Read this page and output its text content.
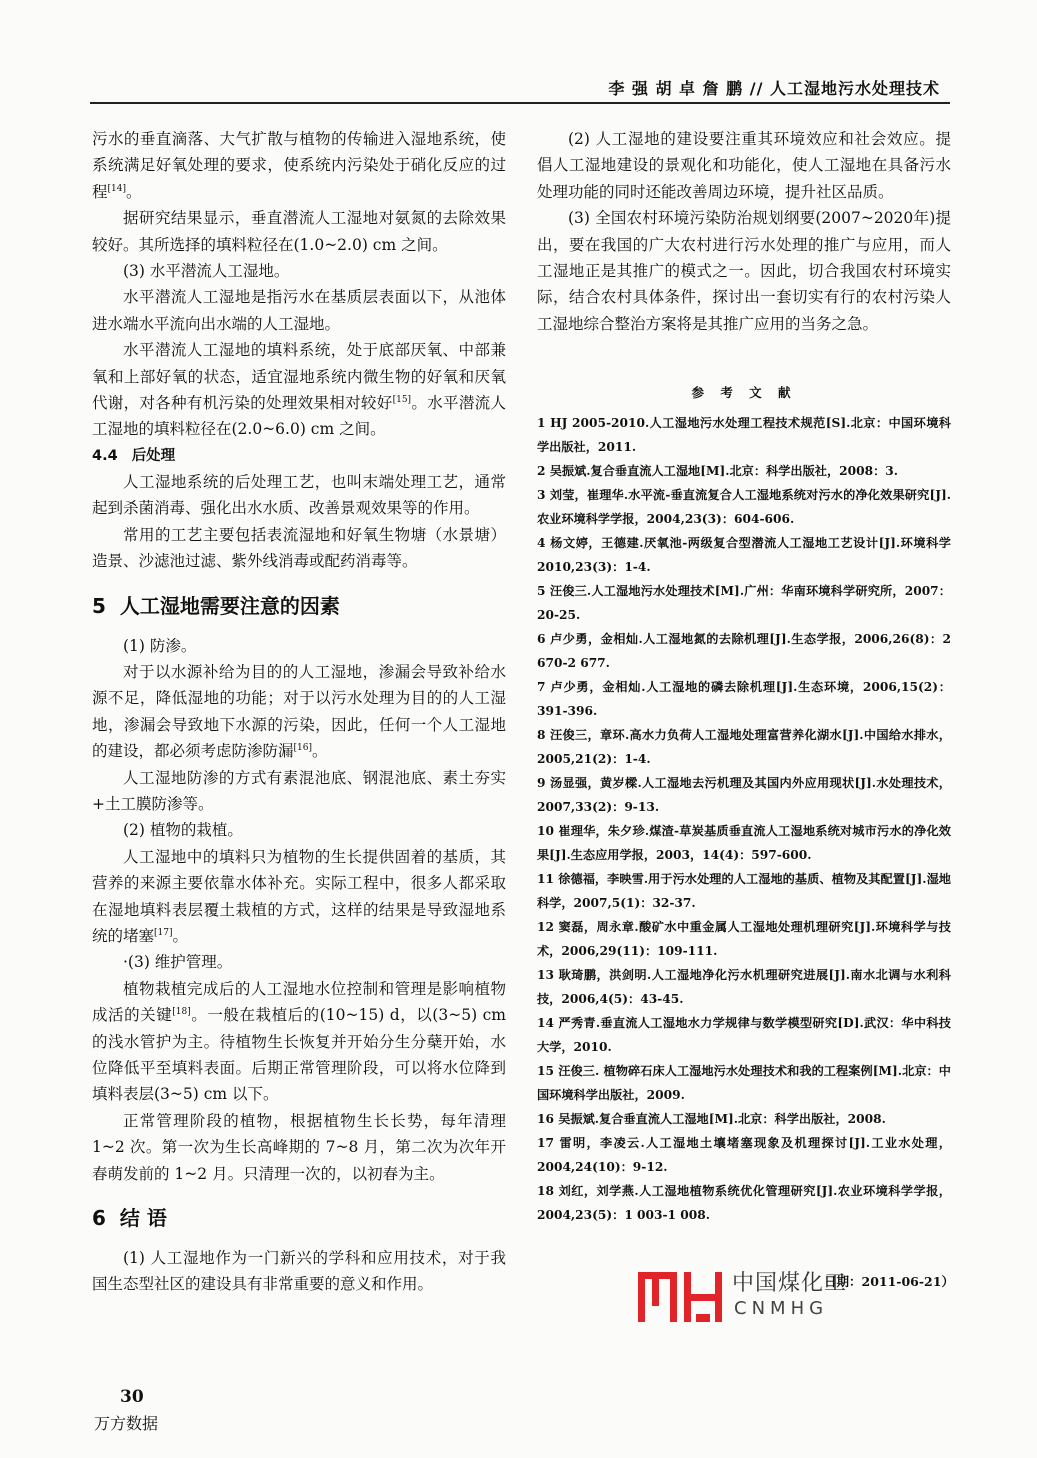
李 强 胡 卓 詹 鹏 // 人工湿地污水处理技术

污水的垂直滴落、大气扩散与植物的传输进入湿地系统，使系统满足好氧处理的要求，使系统内污染处于硝化反应的过程[14]。

据研究结果显示，垂直潜流人工湿地对氨氮的去除效果较好。其所选择的填料粒径在(1.0~2.0) cm 之间。

(3) 水平潜流人工湿地。

水平潜流人工湿地是指污水在基质层表面以下，从池体进水端水平流向出水端的人工湿地。

水平潜流人工湿地的填料系统，处于底部厌氧、中部兼氧和上部好氧的状态，适宜湿地系统内微生物的好氧和厌氧代谢，对各种有机污染的处理效果相对较好[15]。水平潜流人工湿地的填料粒径在(2.0~6.0) cm 之间。

4.4 后处理

人工湿地系统的后处理工艺，也叫末端处理工艺，通常起到杀菌消毒、强化出水水质、改善景观效果等的作用。

常用的工艺主要包括表流湿地和好氧生物塘（水景塘）造景、沙滤池过滤、紫外线消毒或配药消毒等。

5 人工湿地需要注意的因素

(1) 防渗。

对于以水源补给为目的的人工湿地，渗漏会导致补给水源不足，降低湿地的功能；对于以污水处理为目的的人工湿地，渗漏会导致地下水源的污染，因此，任何一个人工湿地的建设，都必须考虑防渗防漏[16]。

人工湿地防渗的方式有素混池底、钢混池底、素土夯实+土工膜防渗等。

(2) 植物的栽植。

人工湿地中的填料只为植物的生长提供固着的基质，其营养的来源主要依靠水体补充。实际工程中，很多人都采取在湿地填料表层覆土栽植的方式，这样的结果是导致湿地系统的堵塞[17]。

·(3) 维护管理。

植物栽植完成后的人工湿地水位控制和管理是影响植物成活的关键[18]。一般在栽植后的(10~15) d，以(3~5) cm 的浅水管护为主。待植物生长恢复并开始分生分蘖开始，水位降低平至填料表面。后期正常管理阶段，可以将水位降到填料表层(3~5) cm 以下。

正常管理阶段的植物，根据植物生长长势，每年清理 1~2 次。第一次为生长高峰期的 7~8 月，第二次为次年开春萌发前的 1~2 月。只清理一次的，以初春为主。

6 结 语

(1) 人工湿地作为一门新兴的学科和应用技术，对于我国生态型社区的建设具有非常重要的意义和作用。

(2) 人工湿地的建设要注重其环境效应和社会效应。提倡人工湿地建设的景观化和功能化，使人工湿地在具备污水处理功能的同时还能改善周边环境，提升社区品质。

(3) 全国农村环境污染防治规划纲要(2007~2020年)提出，要在我国的广大农村进行污水处理的推广与应用，而人工湿地正是其推广的模式之一。因此，切合我国农村环境实际，结合农村具体条件，探讨出一套切实有行的农村污染人工湿地综合整治方案将是其推广应用的当务之急。

参 考 文 献

1 HJ 2005-2010.人工湿地污水处理工程技术规范[S].北京：中国环境科学出版社，2011.

2 吴振斌.复合垂直流人工湿地[M].北京：科学出版社，2008：3.

3 刘莹，崔理华.水平流-垂直流复合人工湿地系统对污水的净化效果研究[J].农业环境科学学报，2004,23(3)：604-606.

4 杨文婷，王德建.厌氧池-两级复合型潜流人工湿地工艺设计[J].环境科学 2010,23(3)：1-4.

5 汪俊三.人工湿地污水处理技术[M].广州：华南环境科学研究所，2007：20-25.

6 卢少勇，金相灿.人工湿地氮的去除机理[J].生态学报，2006,26(8)：2 670-2 677.

7 卢少勇，金相灿.人工湿地的磷去除机理[J].生态环境，2006,15(2)：391-396.

8 汪俊三，章环.高水力负荷人工湿地处理富营养化湖水[J].中国给水排水，2005,21(2)：1-4.

9 汤显强，黄岁樑.人工湿地去污机理及其国内外应用现状[J].水处理技术，2007,33(2)：9-13.

10 崔理华，朱夕珍.煤渣-草炭基质垂直流人工湿地系统对城市污水的净化效果[J].生态应用学报，2003，14(4)：597-600.

11 徐德福，李映雪.用于污水处理的人工湿地的基质、植物及其配置[J].湿地科学，2007,5(1)：32-37.

12 窦磊，周永章.酸矿水中重金属人工湿地处理机理研究[J].环境科学与技术，2006,29(11)：109-111.

13 耿琦鹏，洪剑明.人工湿地净化污水机理研究进展[J].南水北调与水利科技，2006,4(5)：43-45.

14 严秀青.垂直流人工湿地水力学规律与数学模型研究[D].武汉：华中科技大学，2010.

15 汪俊三. 植物碎石床人工湿地污水处理技术和我的工程案例[M].北京：中国环境科学出版社，2009.

16 吴振斌.复合垂直流人工湿地[M].北京：科学出版社，2008.

17 雷明，李凌云.人工湿地土壤堵塞现象及机理探讨[J].工业水处理，2004,24(10)：9-12.

18 刘红，刘学燕.人工湿地植物系统优化管理研究[J].农业环境科学学报，2004,23(5)：1 003-1 008.

中国煤化工
日期：2011-06-21）
CNMHG
30
万方数据
